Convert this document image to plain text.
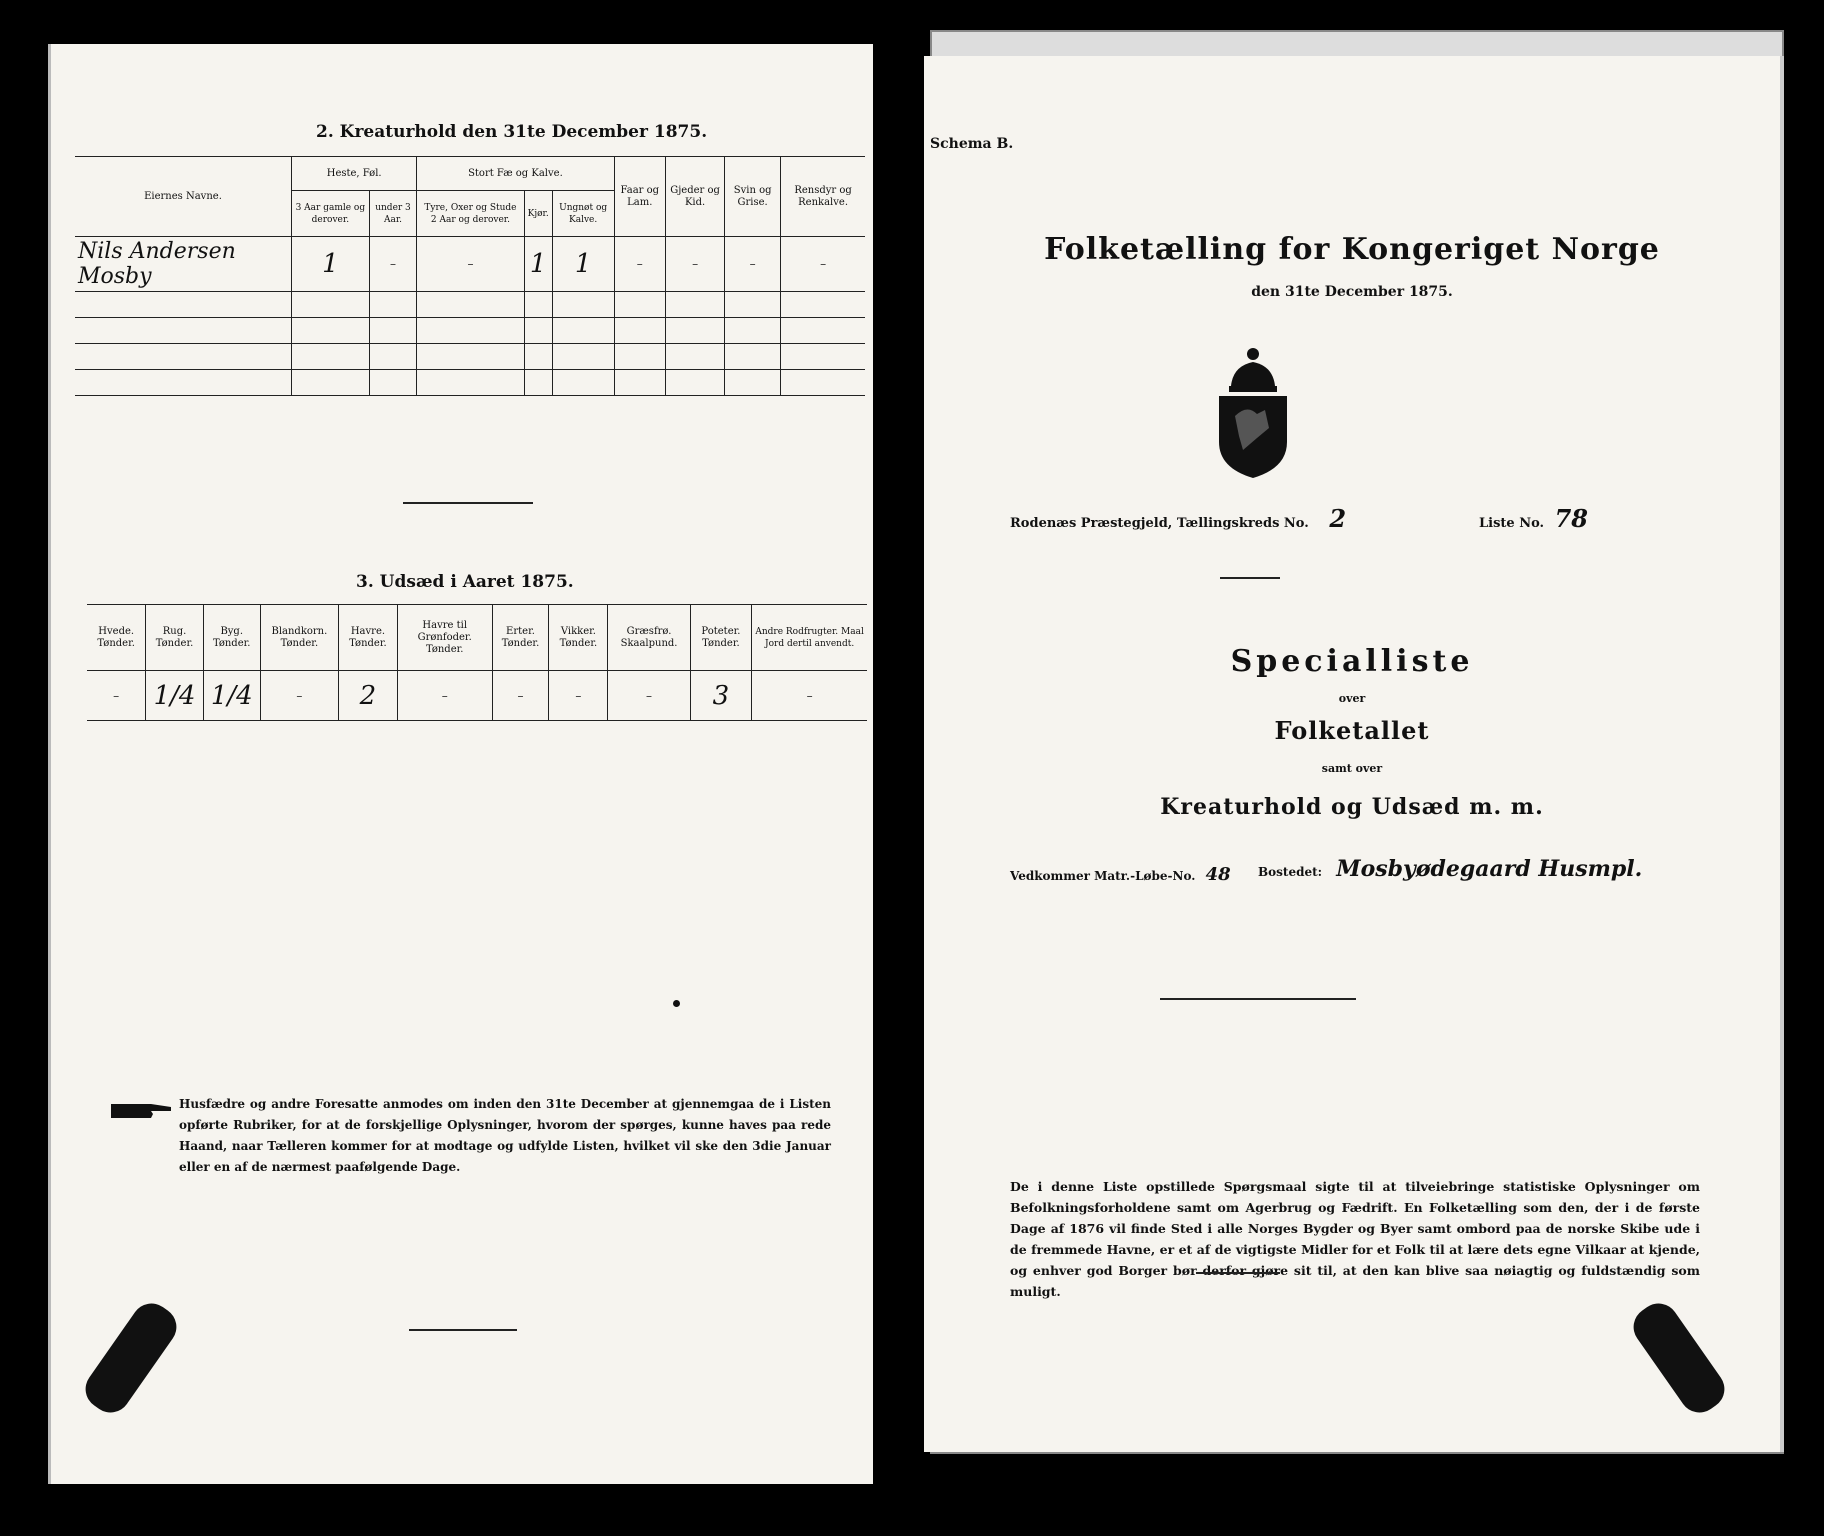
2. Kreaturhold den 31te December 1875.
Eiernes Navne.	Heste, Føl.		Stort Fæ og Kalve.			Faar og Lam.	Gjeder og Kid.	Svin og Grise.	Rensdyr og Renkalve.
	3 Aar gamle og derover.	under 3 Aar.	Tyre, Oxer og Stude 2 Aar og derover.	Kjør.	Ungnøt og Kalve.				
Nils Andersen Mosby	1	–	–	1	1	–	–	–	–

3. Udsæd i Aaret 1875.
Hvede. Tønder.	Rug. Tønder.	Byg. Tønder.	Blandkorn. Tønder.	Havre. Tønder.	Havre til Grønfoder. Tønder.	Erter. Tønder.	Vikker. Tønder.	Græsfrø. Skaalpund.	Poteter. Tønder.	Andre Rodfrugter. Maal Jord dertil anvendt.
–	1/4	1/4	–	2	–	–	–	–	3	–
Husfædre og andre Foresatte anmodes om inden den 31te December at gjennemgaa de i Listen opførte Rubriker, for at de forskjellige Oplysninger, hvorom der spørges, kunne haves paa rede Haand, naar Tælleren kommer for at modtage og udfylde Listen, hvilket vil ske den 3die Januar eller en af de nærmest paafølgende Dage.
Schema B.
Folketælling for Kongeriget Norge
den 31te December 1875.
Rodenæs Præstegjeld, Tællingskreds No. 2	Liste No. 78
Specialliste
over
Folketallet
samt over
Kreaturhold og Udsæd m. m.
Vedkommer Matr.-Løbe-No. 48 Bostedet: Mosbyødegaard Husmpl.
De i denne Liste opstillede Spørgsmaal sigte til at tilveiebringe statistiske Oplysninger om Befolkningsforholdene samt om Agerbrug og Fædrift. En Folketælling som den, der i de første Dage af 1876 vil finde Sted i alle Norges Bygder og Byer samt ombord paa de norske Skibe ude i de fremmede Havne, er et af de vigtigste Midler for et Folk til at lære dets egne Vilkaar at kjende, og enhver god Borger bør derfor gjøre sit til, at den kan blive saa nøiagtig og fuldstændig som muligt.
